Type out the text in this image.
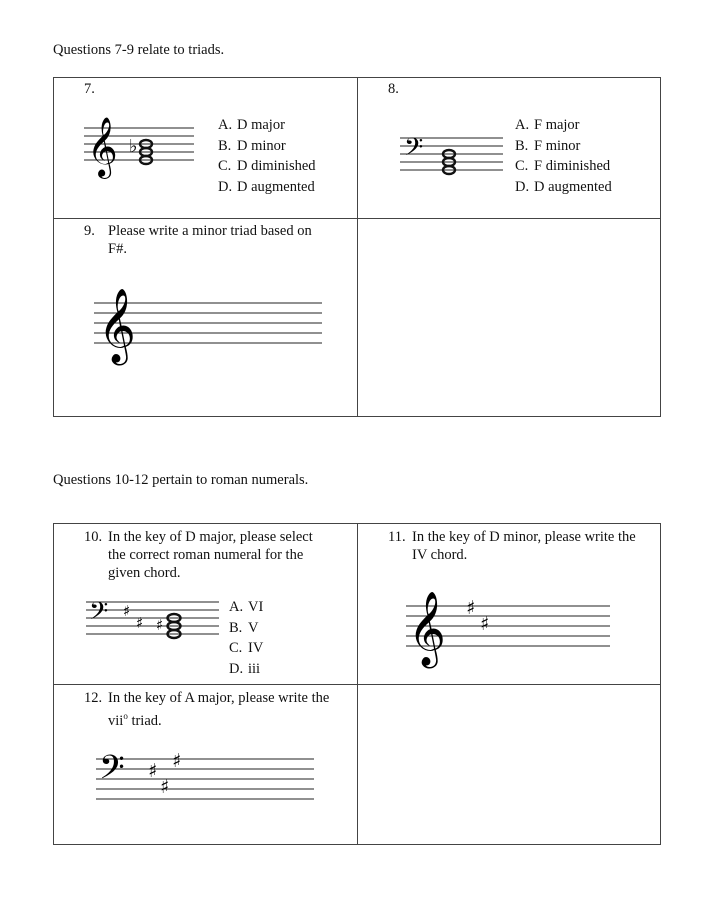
Questions 7-9 relate to triads.
7.
𝄞 ♭
A. D major
B. D minor
C. D diminished
D. D augmented
8.
𝄢
A. F major
B. F minor
C. F diminished
D. D augmented
9. Please write a minor triad based on
F#.
𝄞
Questions 10-12 pertain to roman numerals.
10. In the key of D major, please select
the correct roman numeral for the
given chord.
𝄢 ♯
♯ ♯
A. VI
B. V
C. IV
D. iii
11. In the key of D minor, please write the
IV chord.
𝄞 ♯
♯
12. In the key of A major, please write the
vii$^o$ triad.
𝄢 ♯
♯
♯
